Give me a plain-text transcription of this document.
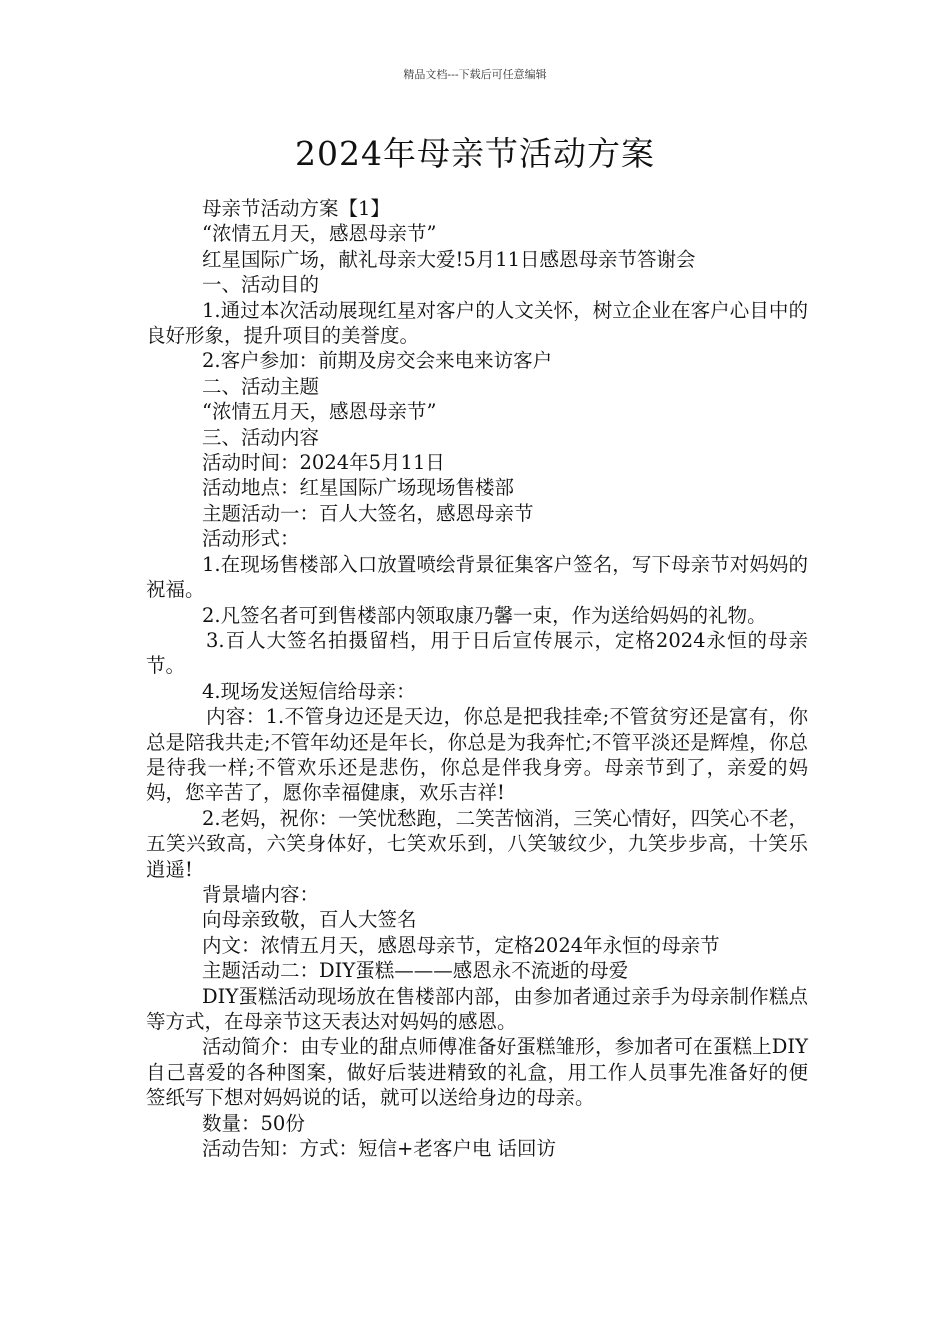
精品文档---下载后可任意编辑
2024年母亲节活动方案

母亲节活动方案【1】

“浓情五月天，感恩母亲节”

红星国际广场，献礼母亲大爱!5月11日感恩母亲节答谢会

一、活动目的

1.通过本次活动展现红星对客户的人文关怀，树立企业在客户心目中的良好形象，提升项目的美誉度。

2.客户参加：前期及房交会来电来访客户

二、活动主题

“浓情五月天，感恩母亲节”

三、活动内容

活动时间：2024年5月11日

活动地点：红星国际广场现场售楼部

主题活动一：百人大签名，感恩母亲节

活动形式：

1.在现场售楼部入口放置喷绘背景征集客户签名，写下母亲节对妈妈的祝福。

2.凡签名者可到售楼部内领取康乃馨一束，作为送给妈妈的礼物。

3.百人大签名拍摄留档，用于日后宣传展示，定格2024永恒的母亲节。

4.现场发送短信给母亲：

内容：1.不管身边还是天边，你总是把我挂牵;不管贫穷还是富有，你总是陪我共走;不管年幼还是年长，你总是为我奔忙;不管平淡还是辉煌，你总是待我一样;不管欢乐还是悲伤，你总是伴我身旁。母亲节到了，亲爱的妈妈，您辛苦了，愿你幸福健康，欢乐吉祥!

2.老妈，祝你：一笑忧愁跑，二笑苦恼消，三笑心情好，四笑心不老，五笑兴致高，六笑身体好，七笑欢乐到，八笑皱纹少，九笑步步高，十笑乐逍遥!

背景墙内容：

向母亲致敬，百人大签名

内文：浓情五月天，感恩母亲节，定格2024年永恒的母亲节

主题活动二：DIY蛋糕———感恩永不流逝的母爱

DIY蛋糕活动现场放在售楼部内部，由参加者通过亲手为母亲制作糕点等方式，在母亲节这天表达对妈妈的感恩。

活动简介：由专业的甜点师傅准备好蛋糕雏形，参加者可在蛋糕上DIY自己喜爱的各种图案，做好后装进精致的礼盒，用工作人员事先准备好的便签纸写下想对妈妈说的话，就可以送给身边的母亲。

数量：50份

活动告知：方式：短信+老客户电 话回访
